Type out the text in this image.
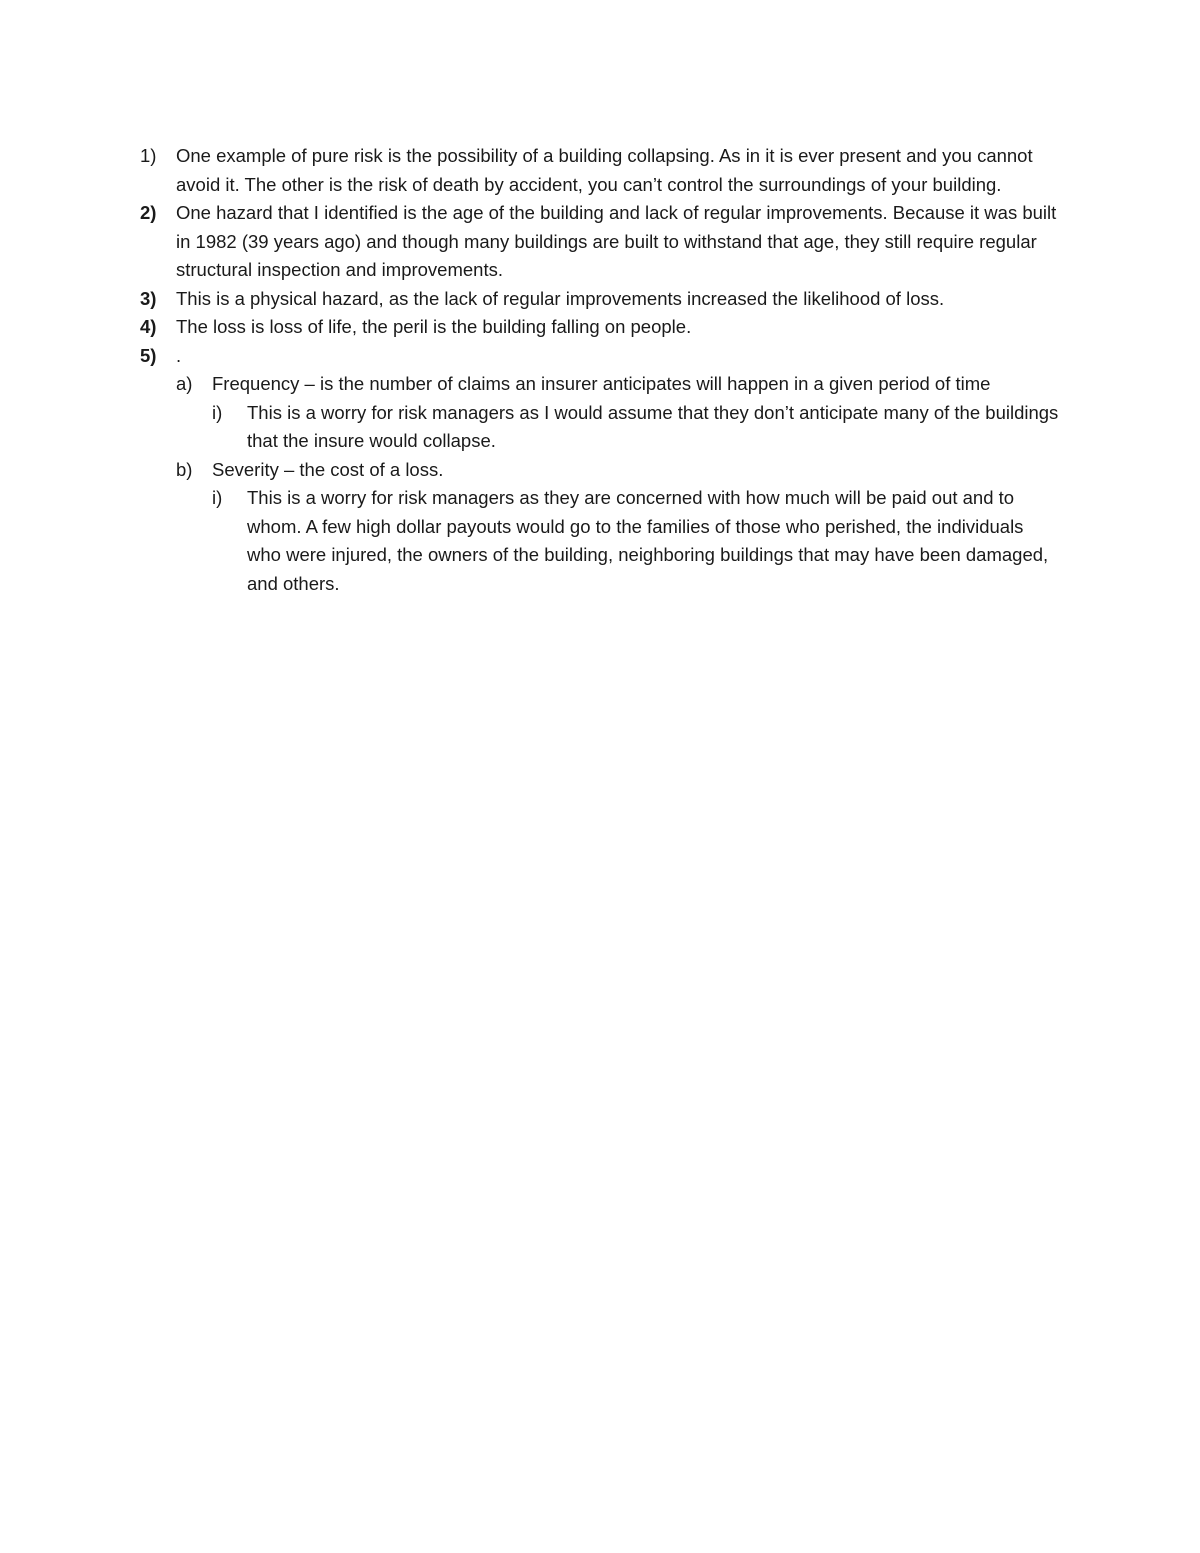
1)	One example of pure risk is the possibility of a building collapsing. As in it is ever present and you cannot avoid it. The other is the risk of death by accident, you can’t control the surroundings of your building.
2)	One hazard that I identified is the age of the building and lack of regular improvements. Because it was built in 1982 (39 years ago) and though many buildings are built to withstand that age, they still require regular structural inspection and improvements.
3)	This is a physical hazard, as the lack of regular improvements increased the likelihood of loss.
4)	The loss is loss of life, the peril is the building falling on people.
5)	.
a)	Frequency – is the number of claims an insurer anticipates will happen in a given period of time
i)	This is a worry for risk managers as I would assume that they don’t anticipate many of the buildings that the insure would collapse.
b)	Severity – the cost of a loss.
i)	This is a worry for risk managers as they are concerned with how much will be paid out and to whom. A few high dollar payouts would go to the families of those who perished, the individuals who were injured, the owners of the building, neighboring buildings that may have been damaged, and others.
